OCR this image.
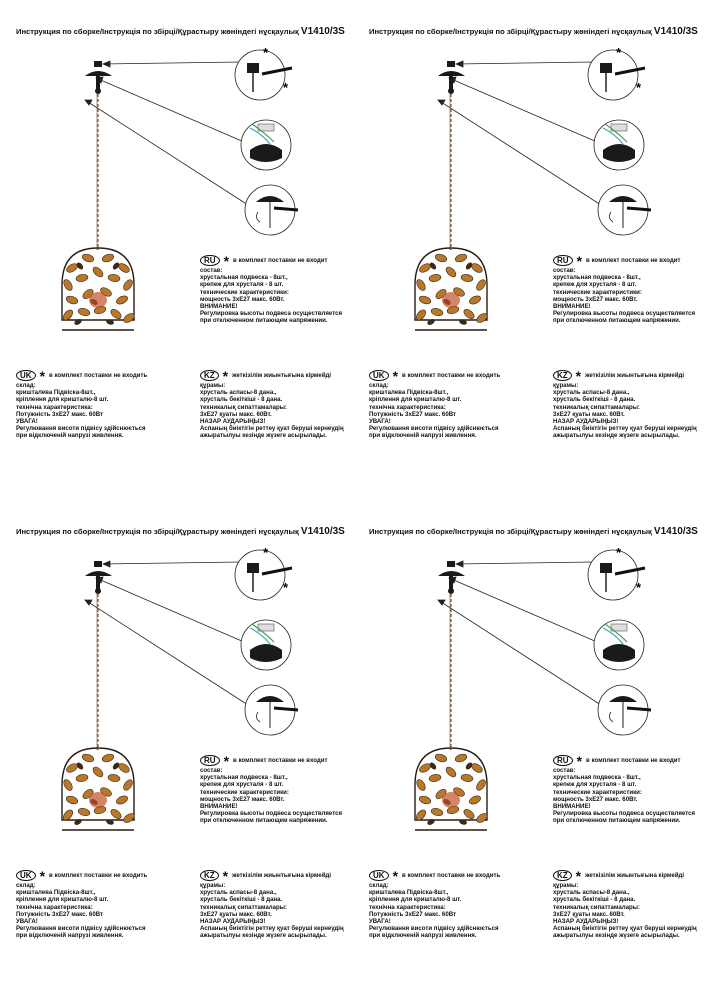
Инструкция по сборке/Інструкція по збірці/Құрастыру жөніндегі нұсқаулық V1410/3S
*
*
RU * в комплект поставки не входит
состав:
хрустальная подвеска - 8шт.,
крепеж для хрусталя - 8 шт.
технические характеристики:
мощность 3хЕ27 макс. 60Вт.
ВНИМАНИЕ!
Регулировка высоты подвеса осуществляется
при отключенном питающем напряжении.
UK * в комплект поставки не входить
склад:
кришталева Підвіска-8шт.,
кріплення для кришталю-8 шт.
технічна характеристика:
Потужність 3хЕ27 макс. 60Вт
УВАГА!
Регулювання висоти підвісу здійснюється
при відключеній напрузі живлення.
KZ * жеткізілім жиынтығына кірмейді
құрамы:
хрусталь аспасы-8 дана.,
хрусталь бекіткіші - 8 дана.
техникалық сипаттамалары:
3хЕ27 қуаты макс. 60Вт.
НАЗАР АУДАРЫҢЫЗ!
Аспаның биіктігін реттеу қуат беруші кернеудің
ажыратылуы кезінде жүзеге асырылады.
Инструкция по сборке/Інструкція по збірці/Құрастыру жөніндегі нұсқаулық V1410/3S
*
*
RU * в комплект поставки не входит
состав:
хрустальная подвеска - 8шт.,
крепеж для хрусталя - 8 шт.
технические характеристики:
мощность 3хЕ27 макс. 60Вт.
ВНИМАНИЕ!
Регулировка высоты подвеса осуществляется
при отключенном питающем напряжении.
UK * в комплект поставки не входить
склад:
кришталева Підвіска-8шт.,
кріплення для кришталю-8 шт.
технічна характеристика:
Потужність 3хЕ27 макс. 60Вт
УВАГА!
Регулювання висоти підвісу здійснюється
при відключеній напрузі живлення.
KZ * жеткізілім жиынтығына кірмейді
құрамы:
хрусталь аспасы-8 дана.,
хрусталь бекіткіші - 8 дана.
техникалық сипаттамалары:
3хЕ27 қуаты макс. 60Вт.
НАЗАР АУДАРЫҢЫЗ!
Аспаның биіктігін реттеу қуат беруші кернеудің
ажыратылуы кезінде жүзеге асырылады.
Инструкция по сборке/Інструкція по збірці/Құрастыру жөніндегі нұсқаулық V1410/3S
*
*
RU * в комплект поставки не входит
состав:
хрустальная подвеска - 8шт.,
крепеж для хрусталя - 8 шт.
технические характеристики:
мощность 3хЕ27 макс. 60Вт.
ВНИМАНИЕ!
Регулировка высоты подвеса осуществляется
при отключенном питающем напряжении.
UK * в комплект поставки не входить
склад:
кришталева Підвіска-8шт.,
кріплення для кришталю-8 шт.
технічна характеристика:
Потужність 3хЕ27 макс. 60Вт
УВАГА!
Регулювання висоти підвісу здійснюється
при відключеній напрузі живлення.
KZ * жеткізілім жиынтығына кірмейді
құрамы:
хрусталь аспасы-8 дана.,
хрусталь бекіткіші - 8 дана.
техникалық сипаттамалары:
3хЕ27 қуаты макс. 60Вт.
НАЗАР АУДАРЫҢЫЗ!
Аспаның биіктігін реттеу қуат беруші кернеудің
ажыратылуы кезінде жүзеге асырылады.
Инструкция по сборке/Інструкція по збірці/Құрастыру жөніндегі нұсқаулық V1410/3S
*
*
RU * в комплект поставки не входит
состав:
хрустальная подвеска - 8шт.,
крепеж для хрусталя - 8 шт.
технические характеристики:
мощность 3хЕ27 макс. 60Вт.
ВНИМАНИЕ!
Регулировка высоты подвеса осуществляется
при отключенном питающем напряжении.
UK * в комплект поставки не входить
склад:
кришталева Підвіска-8шт.,
кріплення для кришталю-8 шт.
технічна характеристика:
Потужність 3хЕ27 макс. 60Вт
УВАГА!
Регулювання висоти підвісу здійснюється
при відключеній напрузі живлення.
KZ * жеткізілім жиынтығына кірмейді
құрамы:
хрусталь аспасы-8 дана.,
хрусталь бекіткіші - 8 дана.
техникалық сипаттамалары:
3хЕ27 қуаты макс. 60Вт.
НАЗАР АУДАРЫҢЫЗ!
Аспаның биіктігін реттеу қуат беруші кернеудің
ажыратылуы кезінде жүзеге асырылады.
